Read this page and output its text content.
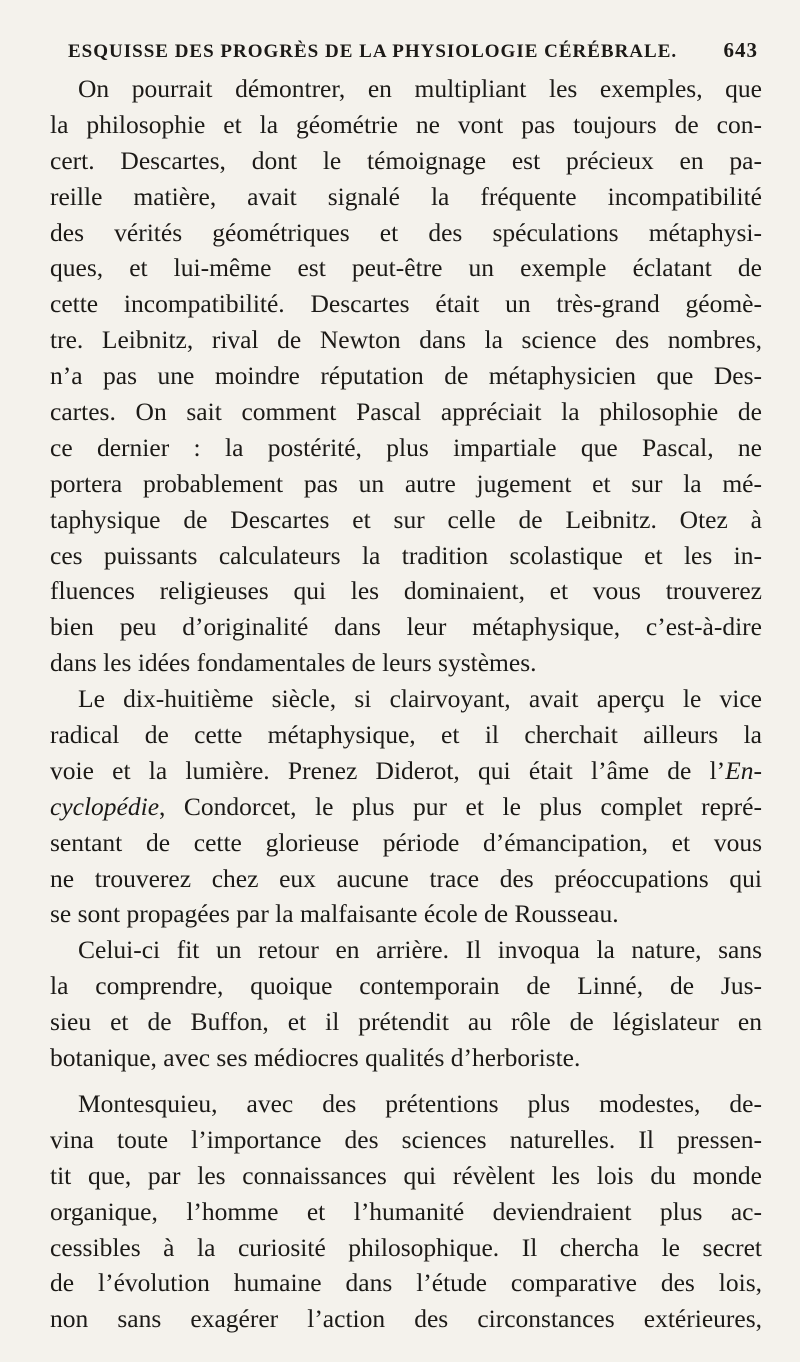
ESQUISSE DES PROGRÈS DE LA PHYSIOLOGIE CÉRÉBRALE. 643
On pourrait démontrer, en multipliant les exemples, que
la philosophie et la géométrie ne vont pas toujours de con-
cert. Descartes, dont le témoignage est précieux en pa-
reille matière, avait signalé la fréquente incompatibilité
des vérités géométriques et des spéculations métaphysi-
ques, et lui-même est peut-être un exemple éclatant de
cette incompatibilité. Descartes était un très-grand géomè-
tre. Leibnitz, rival de Newton dans la science des nombres,
n’a pas une moindre réputation de métaphysicien que Des-
cartes. On sait comment Pascal appréciait la philosophie de
ce dernier : la postérité, plus impartiale que Pascal, ne
portera probablement pas un autre jugement et sur la mé-
taphysique de Descartes et sur celle de Leibnitz. Otez à
ces puissants calculateurs la tradition scolastique et les in-
fluences religieuses qui les dominaient, et vous trouverez
bien peu d’originalité dans leur métaphysique, c’est-à-dire
dans les idées fondamentales de leurs systèmes.
Le dix-huitième siècle, si clairvoyant, avait aperçu le vice
radical de cette métaphysique, et il cherchait ailleurs la
voie et la lumière. Prenez Diderot, qui était l’âme de l’En-
cyclopédie, Condorcet, le plus pur et le plus complet repré-
sentant de cette glorieuse période d’émancipation, et vous
ne trouverez chez eux aucune trace des préoccupations qui
se sont propagées par la malfaisante école de Rousseau.
Celui-ci fit un retour en arrière. Il invoqua la nature, sans
la comprendre, quoique contemporain de Linné, de Jus-
sieu et de Buffon, et il prétendit au rôle de législateur en
botanique, avec ses médiocres qualités d’herboriste.
Montesquieu, avec des prétentions plus modestes, de-
vina toute l’importance des sciences naturelles. Il pressen-
tit que, par les connaissances qui révèlent les lois du monde
organique, l’homme et l’humanité deviendraient plus ac-
cessibles à la curiosité philosophique. Il chercha le secret
de l’évolution humaine dans l’étude comparative des lois,
non sans exagérer l’action des circonstances extérieures,
